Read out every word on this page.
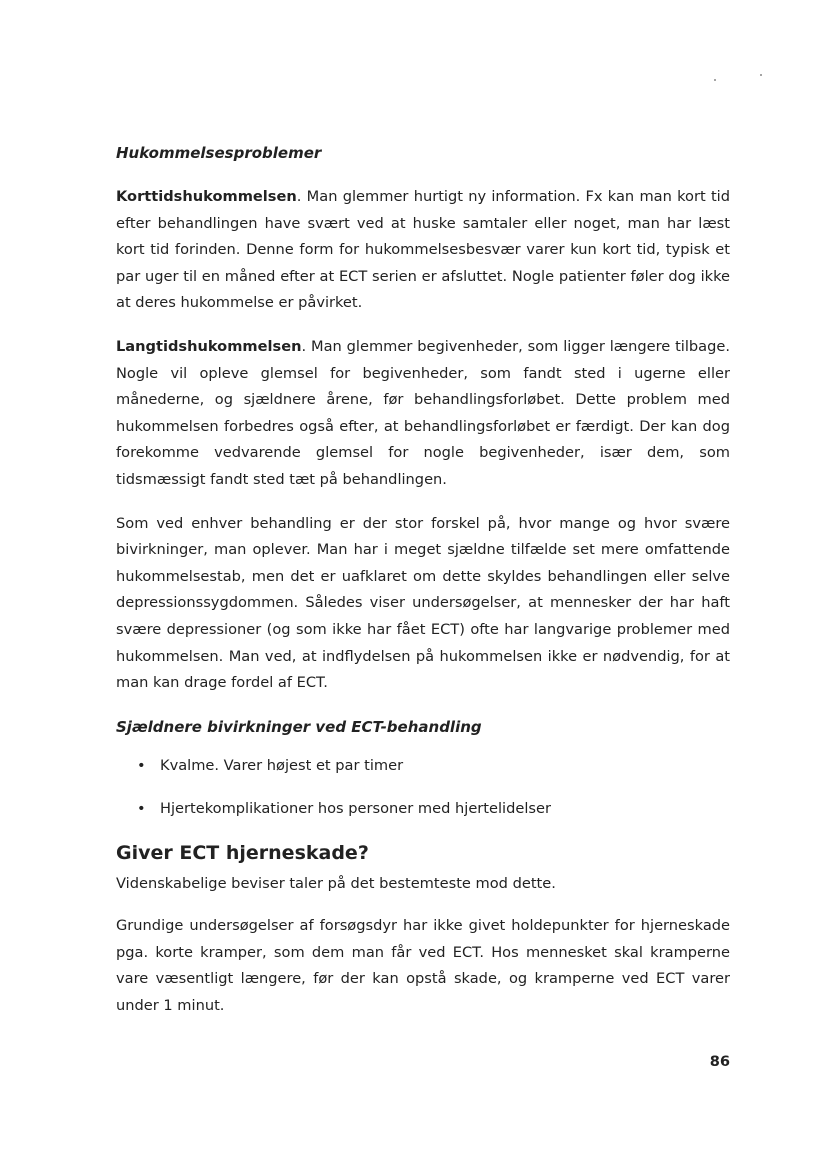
Hukommelsesproblemer

Korttidshukommelsen. Man glemmer hurtigt ny information. Fx kan man kort tid efter behandlingen have svært ved at huske samtaler eller noget, man har læst kort tid forinden. Denne form for hukommelsesbesvær varer kun kort tid, typisk et par uger til en måned efter at ECT serien er afsluttet. Nogle patienter føler dog ikke at deres hukommelse er påvirket.

Langtidshukommelsen. Man glemmer begivenheder, som ligger længere tilbage. Nogle vil opleve glemsel for begivenheder, som fandt sted i ugerne eller månederne, og sjældnere årene, før behandlingsforløbet. Dette problem med hukommelsen forbedres også efter, at behandlingsforløbet er færdigt. Der kan dog forekomme vedvarende glemsel for nogle begivenheder, især dem, som tidsmæssigt fandt sted tæt på behandlingen.

Som ved enhver behandling er der stor forskel på, hvor mange og hvor svære bivirkninger, man oplever. Man har i meget sjældne tilfælde set mere omfattende hukommelsestab, men det er uafklaret om dette skyldes behandlingen eller selve depressionssygdommen. Således viser undersøgelser, at mennesker der har haft svære depressioner (og som ikke har fået ECT) ofte har langvarige problemer med hukommelsen. Man ved, at indflydelsen på hukommelsen ikke er nødvendig, for at man kan drage fordel af ECT.

Sjældnere bivirkninger ved ECT-behandling
• Kvalme. Varer højest et par timer
• Hjertekomplikationer hos personer med hjertelidelser
Giver ECT hjerneskade?

Videnskabelige beviser taler på det bestemteste mod dette.

Grundige undersøgelser af forsøgsdyr har ikke givet holdepunkter for hjerneskade pga. korte kramper, som dem man får ved ECT. Hos mennesket skal kramperne vare væsentligt længere, før der kan opstå skade, og kramperne ved ECT varer under 1 minut.

86
